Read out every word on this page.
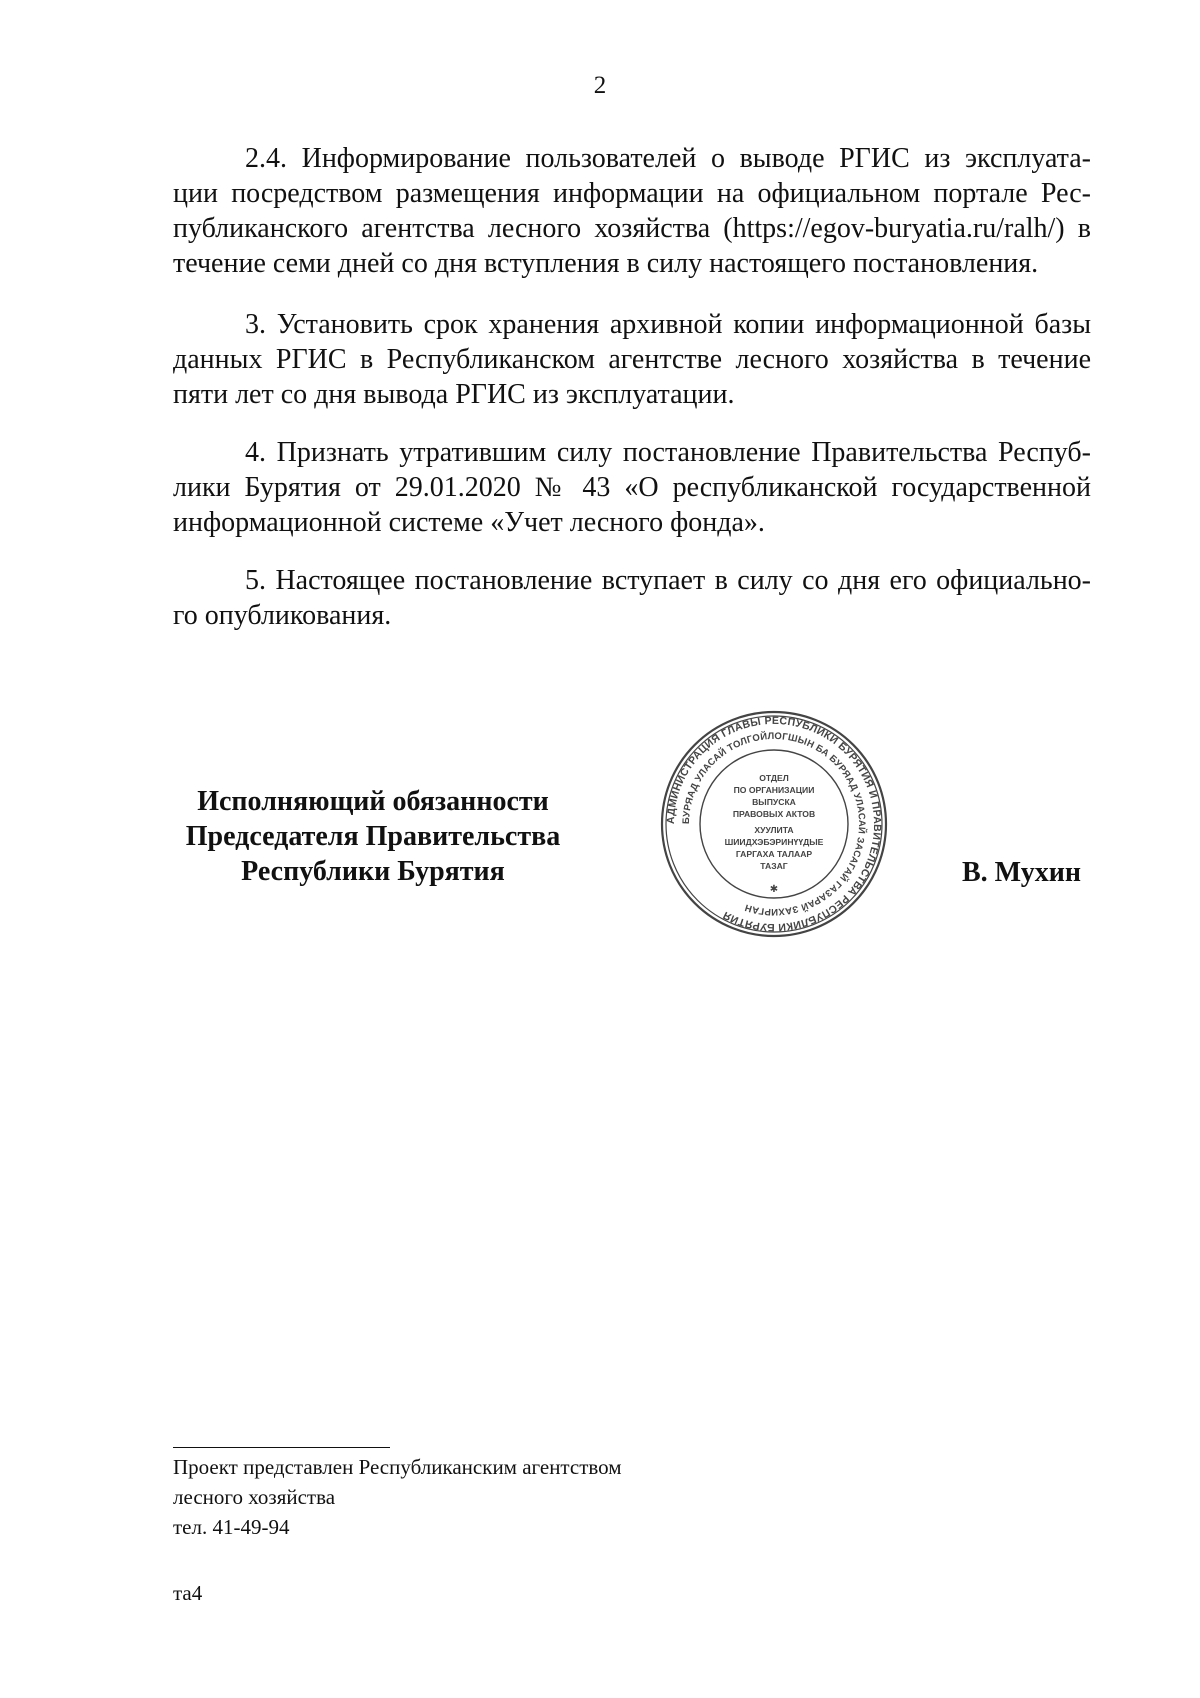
2

2.4. Информирование пользователей о выводе РГИС из эксплуата-
ции посредством размещения информации на официальном портале Рес-
публиканского агентства лесного хозяйства (https://egov-buryatia.ru/ralh/) в
течение семи дней со дня вступления в силу настоящего постановления.

3. Установить срок хранения архивной копии информационной базы
данных РГИС в Республиканском агентстве лесного хозяйства в течение
пяти лет со дня вывода РГИС из эксплуатации.

4. Признать утратившим силу постановление Правительства Респуб-
лики Бурятия от 29.01.2020 № 43 «О республиканской государственной
информационной системе «Учет лесного фонда».

5. Настоящее постановление вступает в силу со дня его официально-
го опубликования.

Исполняющий обязанности
Председателя Правительства
Республики Бурятия
АДМИНИСТРАЦИЯ ГЛАВЫ РЕСПУБЛИКИ БУРЯТИЯ И ПРАВИТЕЛЬСТВА РЕСПУБЛИКИ БУРЯТИЯ
БУРЯАД УЛАСАЙ ТОЛГОЙЛОГШЫН БА БУРЯАД УЛАСАЙ ЗАСАГАЙ ГАЗАРАЙ ЗАХИРГАН
ОТДЕЛ
ПО ОРГАНИЗАЦИИ
ВЫПУСКА
ПРАВОВЫХ АКТОВ
ХУУЛИТА
ШИИДХЭБЭРИНҮҮДЫЕ
ГАРГАХА ТАЛААР
ТАЗАГ
✱
В. Мухин
Проект представлен Республиканским агентством
лесного хозяйства
тел. 41-49-94
та4
